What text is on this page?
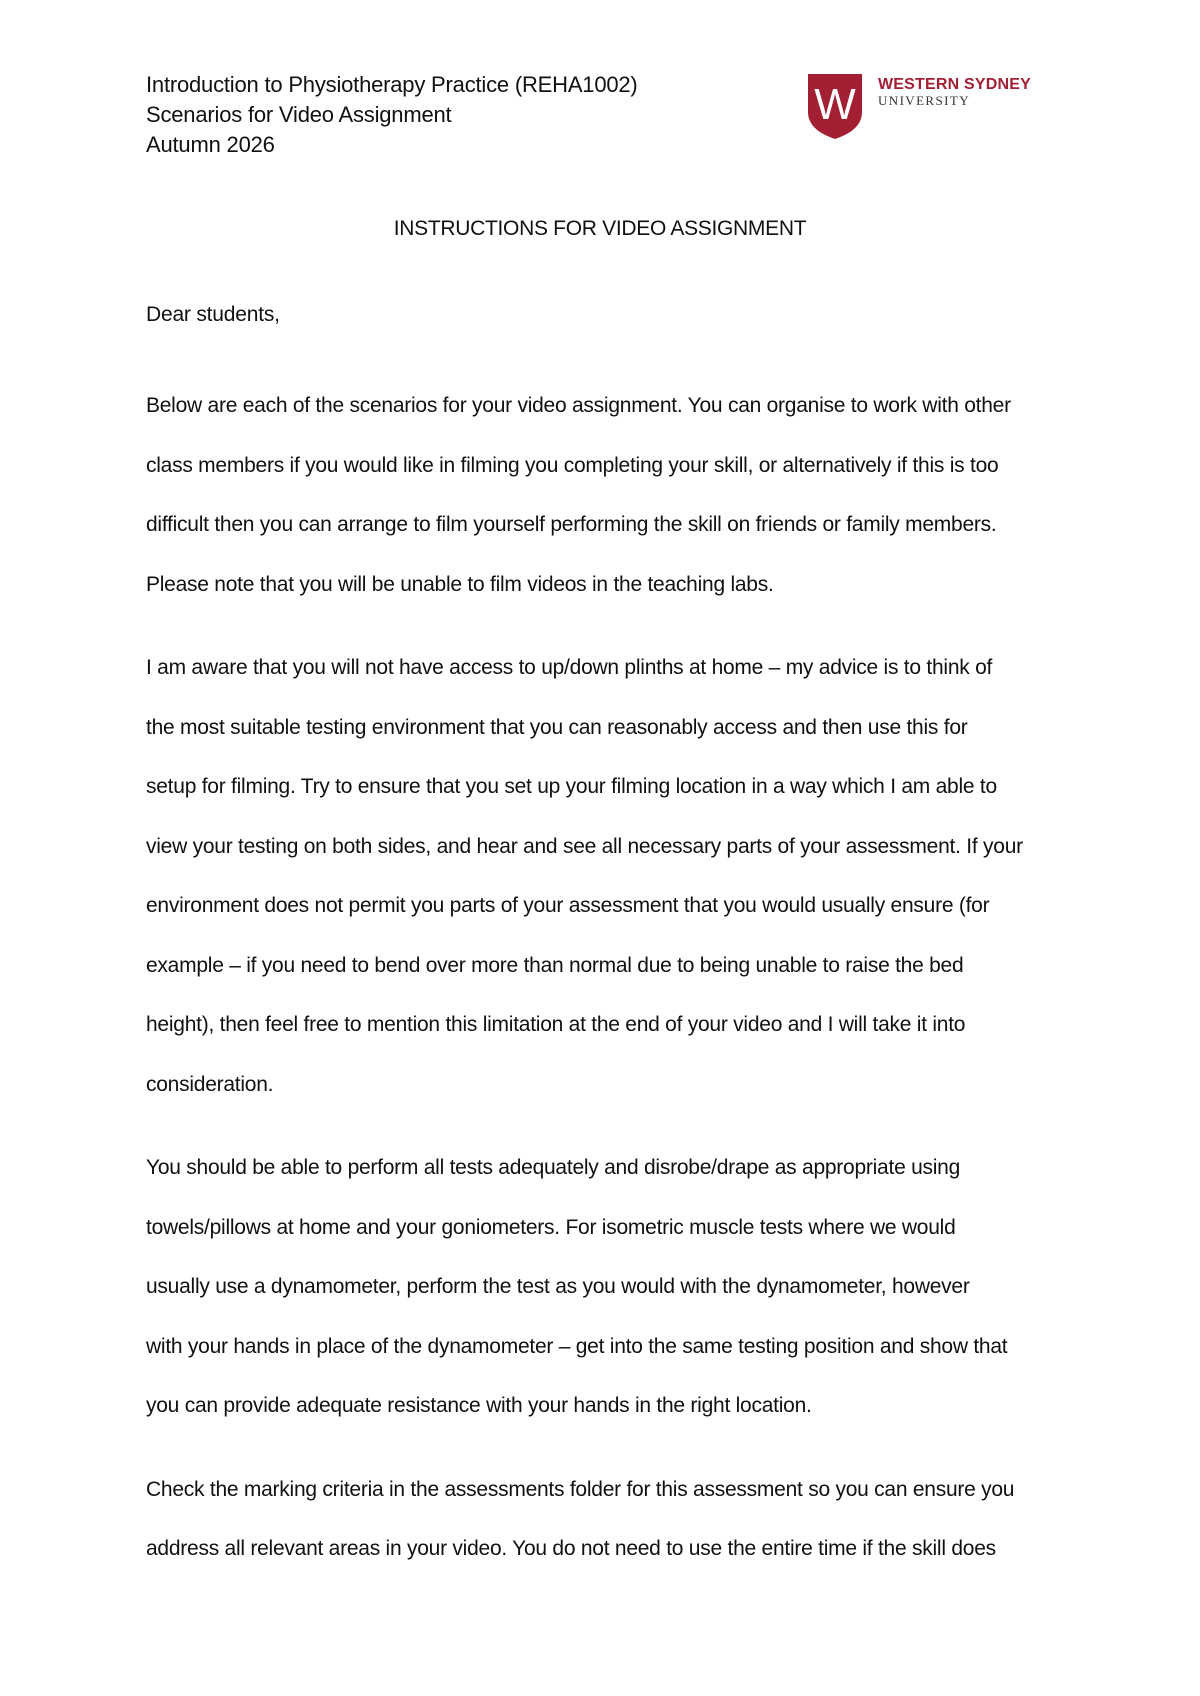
Introduction to Physiotherapy Practice (REHA1002)
Scenarios for Video Assignment
Autumn 2026
W WESTERN SYDNEY
UNIVERSITY
INSTRUCTIONS FOR VIDEO ASSIGNMENT
Dear students,
Below are each of the scenarios for your video assignment. You can organise to work with other
class members if you would like in filming you completing your skill, or alternatively if this is too
difficult then you can arrange to film yourself performing the skill on friends or family members.
Please note that you will be unable to film videos in the teaching labs.
I am aware that you will not have access to up/down plinths at home – my advice is to think of
the most suitable testing environment that you can reasonably access and then use this for
setup for filming. Try to ensure that you set up your filming location in a way which I am able to
view your testing on both sides, and hear and see all necessary parts of your assessment. If your
environment does not permit you parts of your assessment that you would usually ensure (for
example – if you need to bend over more than normal due to being unable to raise the bed
height), then feel free to mention this limitation at the end of your video and I will take it into
consideration.
You should be able to perform all tests adequately and disrobe/drape as appropriate using
towels/pillows at home and your goniometers. For isometric muscle tests where we would
usually use a dynamometer, perform the test as you would with the dynamometer, however
with your hands in place of the dynamometer – get into the same testing position and show that
you can provide adequate resistance with your hands in the right location.
Check the marking criteria in the assessments folder for this assessment so you can ensure you
address all relevant areas in your video. You do not need to use the entire time if the skill does
